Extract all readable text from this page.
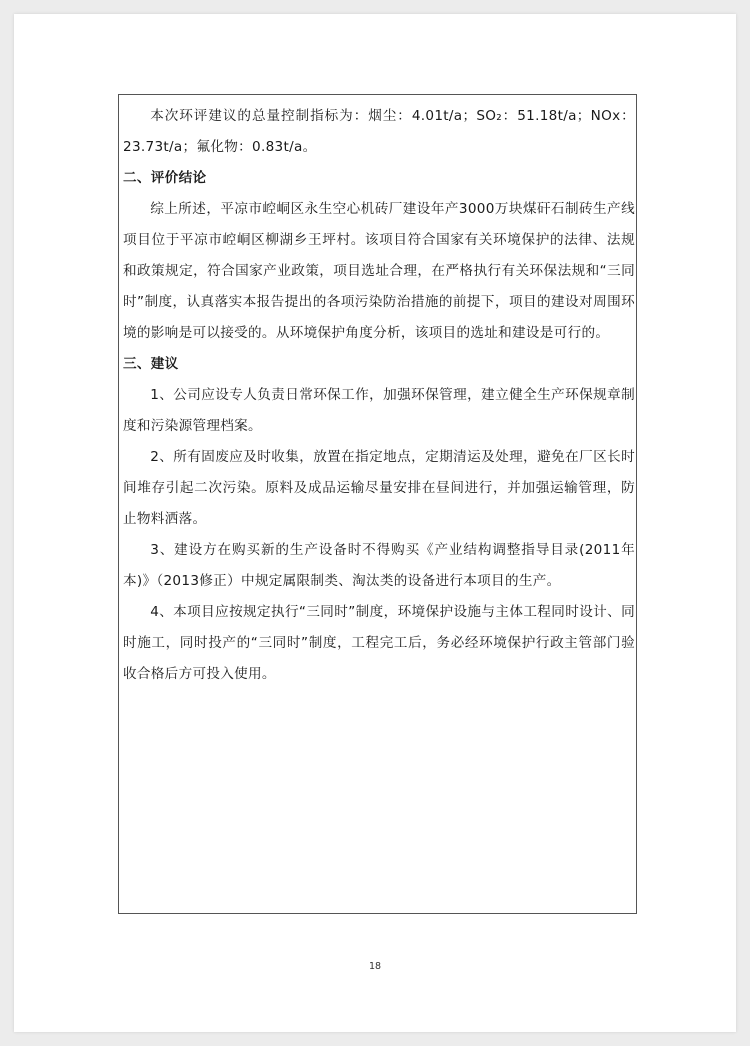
本次环评建议的总量控制指标为：烟尘：4.01t/a；SO₂：51.18t/a；NOx：23.73t/a；氟化物：0.83t/a。

二、评价结论

综上所述，平凉市崆峒区永生空心机砖厂建设年产3000万块煤矸石制砖生产线项目位于平凉市崆峒区柳湖乡王坪村。该项目符合国家有关环境保护的法律、法规和政策规定，符合国家产业政策，项目选址合理，在严格执行有关环保法规和“三同时”制度，认真落实本报告提出的各项污染防治措施的前提下，项目的建设对周围环境的影响是可以接受的。从环境保护角度分析，该项目的选址和建设是可行的。

三、建议

1、公司应设专人负责日常环保工作，加强环保管理，建立健全生产环保规章制度和污染源管理档案。

2、所有固废应及时收集，放置在指定地点，定期清运及处理，避免在厂区长时间堆存引起二次污染。原料及成品运输尽量安排在昼间进行，并加强运输管理，防止物料洒落。

3、建设方在购买新的生产设备时不得购买《产业结构调整指导目录(2011年本)》（2013修正）中规定属限制类、淘汰类的设备进行本项目的生产。

4、本项目应按规定执行“三同时”制度，环境保护设施与主体工程同时设计、同时施工，同时投产的“三同时”制度，工程完工后，务必经环境保护行政主管部门验收合格后方可投入使用。

18
